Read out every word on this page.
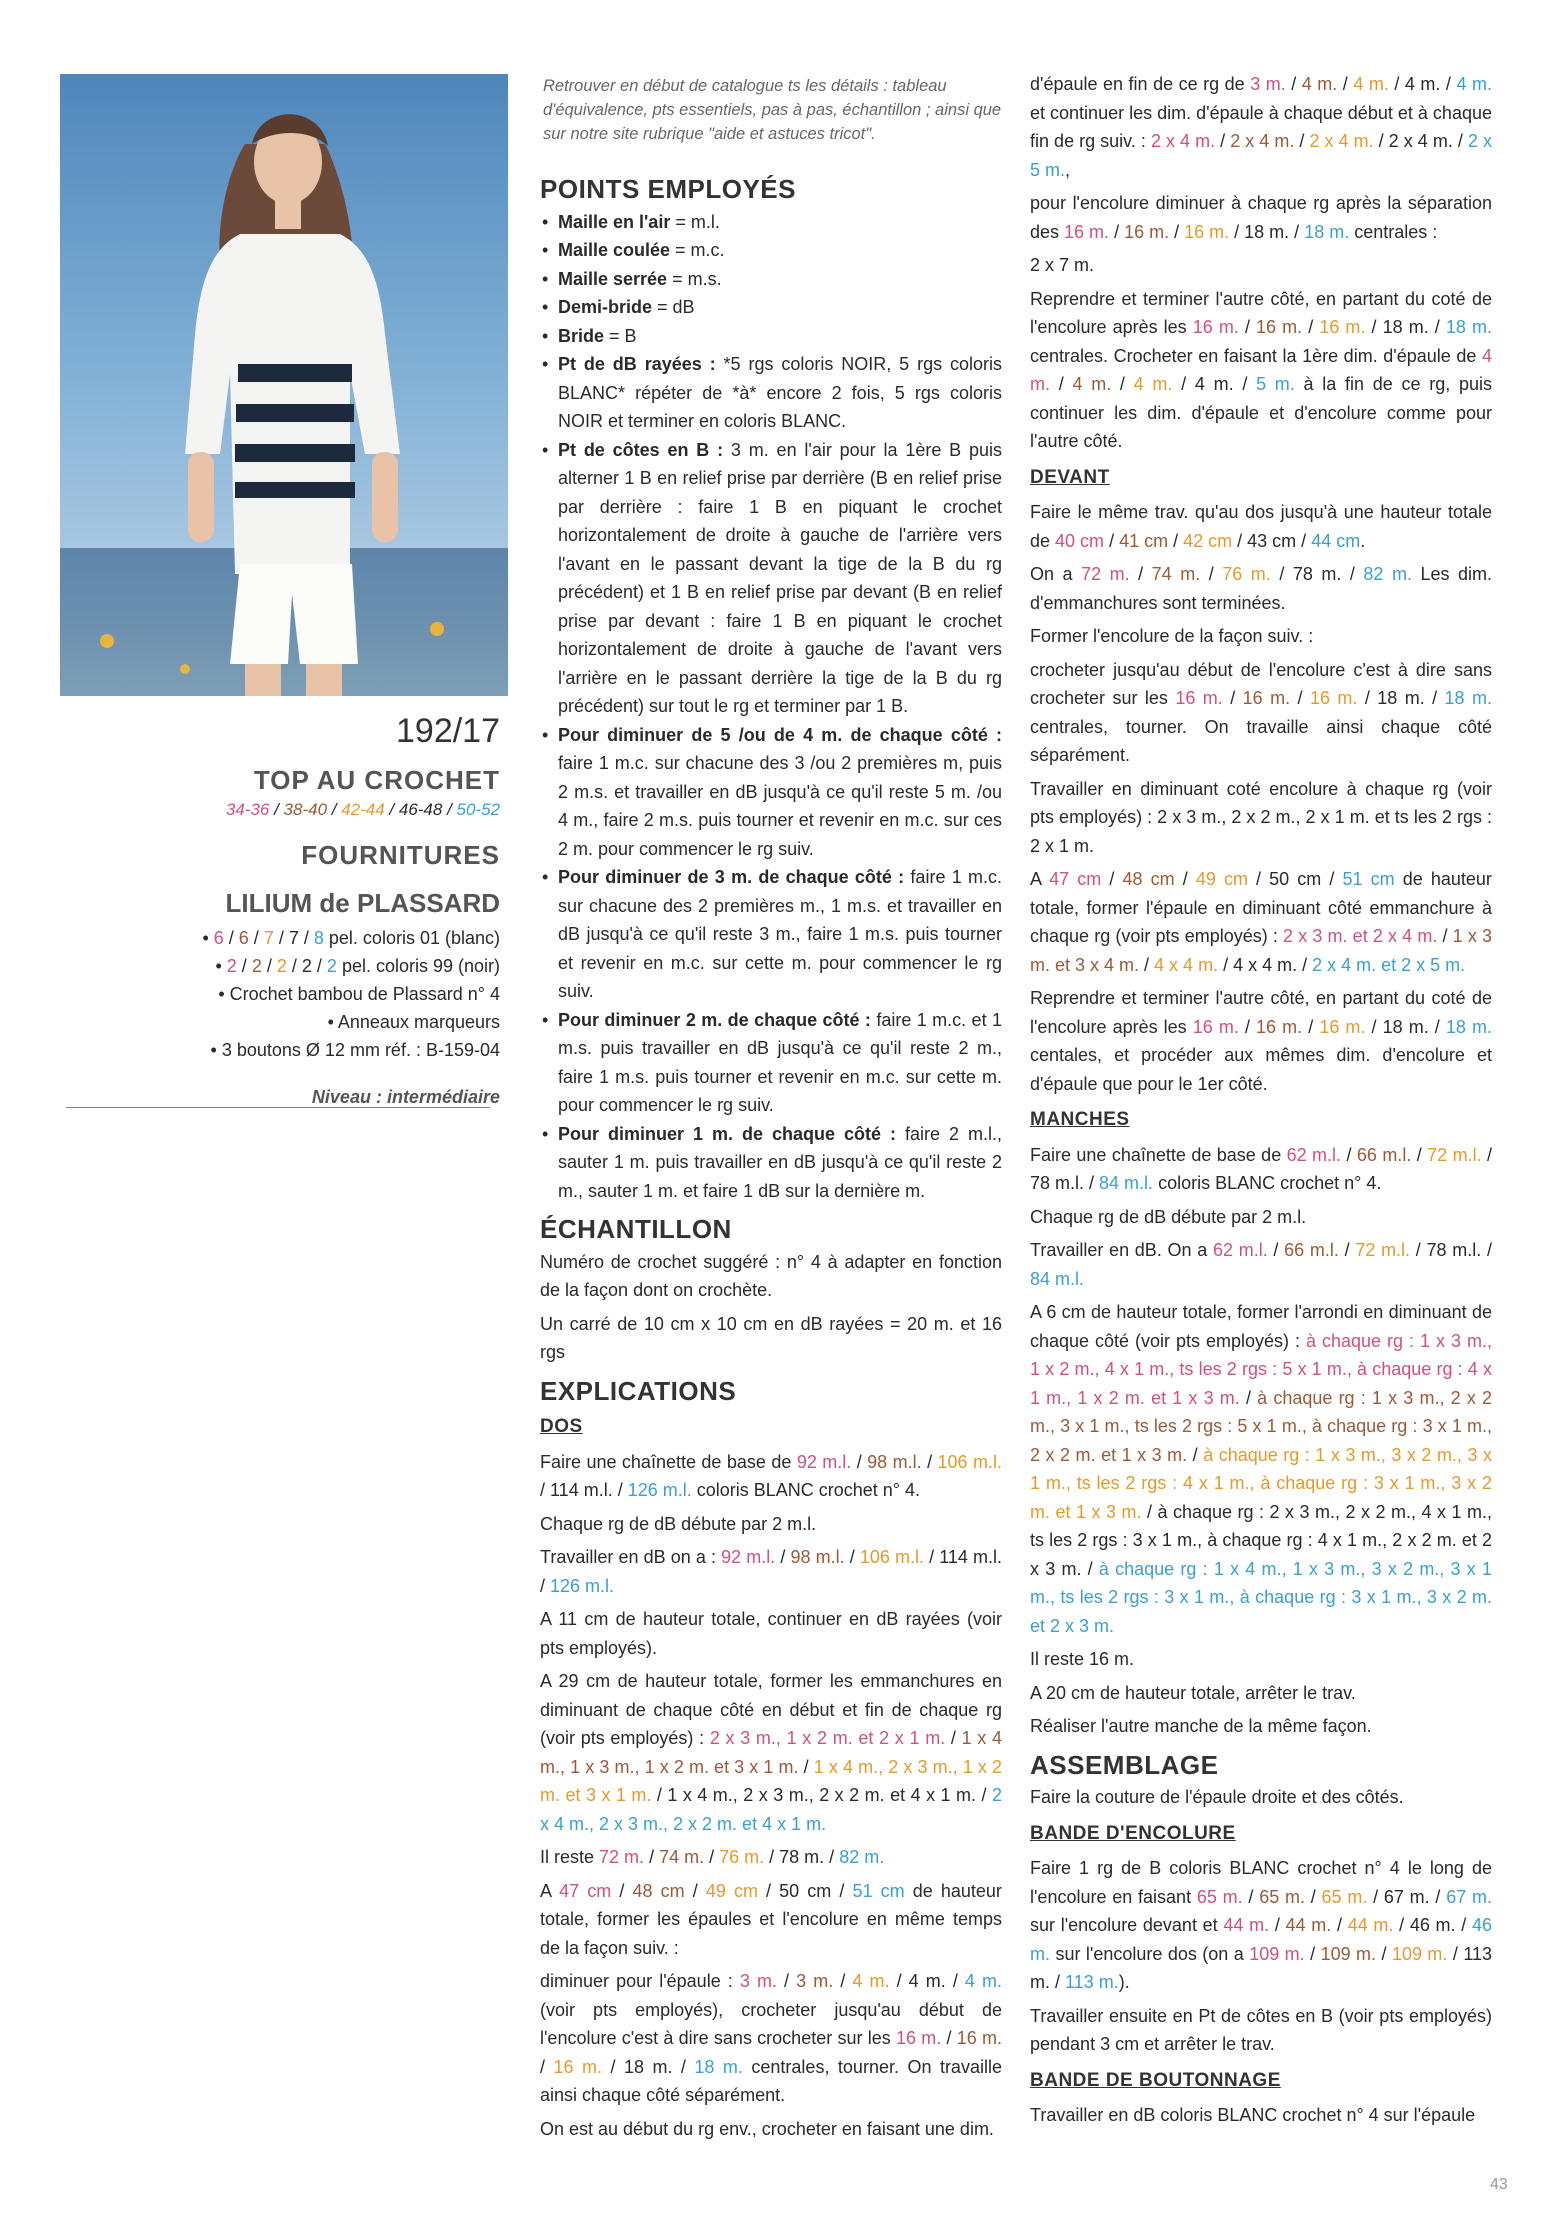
192/17
TOP AU CROCHET
34-36 / 38-40 / 42-44 / 46-48 / 50-52
FOURNITURES
LILIUM de PLASSARD
• 6 / 6 / 7 / 7 / 8 pel. coloris 01 (blanc)
• 2 / 2 / 2 / 2 / 2 pel. coloris 99 (noir)
• Crochet bambou de Plassard n° 4
• Anneaux marqueurs
• 3 boutons Ø 12 mm réf. : B-159-04
Niveau : intermédiaire
Retrouver en début de catalogue ts les détails : tableau d'équivalence, pts essentiels, pas à pas, échantillon ; ainsi que sur notre site rubrique "aide et astuces tricot".
POINTS EMPLOYÉS
• Maille en l'air = m.l.
• Maille coulée = m.c.
• Maille serrée = m.s.
• Demi-bride = dB
• Bride = B
• Pt de dB rayées : *5 rgs coloris NOIR, 5 rgs coloris BLANC* répéter de *à* encore 2 fois, 5 rgs coloris NOIR et terminer en coloris BLANC.
• Pt de côtes en B : 3 m. en l'air pour la 1ère B puis alterner 1 B en relief prise par derrière (B en relief prise par derrière : faire 1 B en piquant le crochet horizontalement de droite à gauche de l'arrière vers l'avant en le passant devant la tige de la B du rg précédent) et 1 B en relief prise par devant (B en relief prise par devant : faire 1 B en piquant le crochet horizontalement de droite à gauche de l'avant vers l'arrière en le passant derrière la tige de la B du rg précédent) sur tout le rg et terminer par 1 B.
• Pour diminuer de 5 /ou de 4 m. de chaque côté : faire 1 m.c. sur chacune des 3 /ou 2 premières m, puis 2 m.s. et travailler en dB jusqu'à ce qu'il reste 5 m. /ou 4 m., faire 2 m.s. puis tourner et revenir en m.c. sur ces 2 m. pour commencer le rg suiv.
• Pour diminuer de 3 m. de chaque côté : faire 1 m.c. sur chacune des 2 premières m., 1 m.s. et travailler en dB jusqu'à ce qu'il reste 3 m., faire 1 m.s. puis tourner et revenir en m.c. sur cette m. pour commencer le rg suiv.
• Pour diminuer 2 m. de chaque côté : faire 1 m.c. et 1 m.s. puis travailler en dB jusqu'à ce qu'il reste 2 m., faire 1 m.s. puis tourner et revenir en m.c. sur cette m. pour commencer le rg suiv.
• Pour diminuer 1 m. de chaque côté : faire 2 m.l., sauter 1 m. puis travailler en dB jusqu'à ce qu'il reste 2 m., sauter 1 m. et faire 1 dB sur la dernière m.
ÉCHANTILLON

Numéro de crochet suggéré : n° 4 à adapter en fonction de la façon dont on crochète.

Un carré de 10 cm x 10 cm en dB rayées = 20 m. et 16 rgs

EXPLICATIONS
DOS

Faire une chaînette de base de 92 m.l. / 98 m.l. / 106 m.l. / 114 m.l. / 126 m.l. coloris BLANC crochet n° 4.

Chaque rg de dB débute par 2 m.l.

Travailler en dB on a : 92 m.l. / 98 m.l. / 106 m.l. / 114 m.l. / 126 m.l.

A 11 cm de hauteur totale, continuer en dB rayées (voir pts employés).

A 29 cm de hauteur totale, former les emmanchures en diminuant de chaque côté en début et fin de chaque rg (voir pts employés) : 2 x 3 m., 1 x 2 m. et 2 x 1 m. / 1 x 4 m., 1 x 3 m., 1 x 2 m. et 3 x 1 m. / 1 x 4 m., 2 x 3 m., 1 x 2 m. et 3 x 1 m. / 1 x 4 m., 2 x 3 m., 2 x 2 m. et 4 x 1 m. / 2 x 4 m., 2 x 3 m., 2 x 2 m. et 4 x 1 m.

Il reste 72 m. / 74 m. / 76 m. / 78 m. / 82 m.

A 47 cm / 48 cm / 49 cm / 50 cm / 51 cm de hauteur totale, former les épaules et l'encolure en même temps de la façon suiv. :

diminuer pour l'épaule : 3 m. / 3 m. / 4 m. / 4 m. / 4 m. (voir pts employés), crocheter jusqu'au début de l'encolure c'est à dire sans crocheter sur les 16 m. / 16 m. / 16 m. / 18 m. / 18 m. centrales, tourner. On travaille ainsi chaque côté séparément.

On est au début du rg env., crocheter en faisant une dim.

d'épaule en fin de ce rg de 3 m. / 4 m. / 4 m. / 4 m. / 4 m. et continuer les dim. d'épaule à chaque début et à chaque fin de rg suiv. : 2 x 4 m. / 2 x 4 m. / 2 x 4 m. / 2 x 4 m. / 2 x 5 m.,

pour l'encolure diminuer à chaque rg après la séparation des 16 m. / 16 m. / 16 m. / 18 m. / 18 m. centrales :

2 x 7 m.

Reprendre et terminer l'autre côté, en partant du coté de l'encolure après les 16 m. / 16 m. / 16 m. / 18 m. / 18 m. centrales. Crocheter en faisant la 1ère dim. d'épaule de 4 m. / 4 m. / 4 m. / 4 m. / 5 m. à la fin de ce rg, puis continuer les dim. d'épaule et d'encolure comme pour l'autre côté.

DEVANT

Faire le même trav. qu'au dos jusqu'à une hauteur totale de 40 cm / 41 cm / 42 cm / 43 cm / 44 cm.

On a 72 m. / 74 m. / 76 m. / 78 m. / 82 m. Les dim. d'emmanchures sont terminées.

Former l'encolure de la façon suiv. :

crocheter jusqu'au début de l'encolure c'est à dire sans crocheter sur les 16 m. / 16 m. / 16 m. / 18 m. / 18 m. centrales, tourner. On travaille ainsi chaque côté séparément.

Travailler en diminuant coté encolure à chaque rg (voir pts employés) : 2 x 3 m., 2 x 2 m., 2 x 1 m. et ts les 2 rgs : 2 x 1 m.

A 47 cm / 48 cm / 49 cm / 50 cm / 51 cm de hauteur totale, former l'épaule en diminuant côté emmanchure à chaque rg (voir pts employés) : 2 x 3 m. et 2 x 4 m. / 1 x 3 m. et 3 x 4 m. / 4 x 4 m. / 4 x 4 m. / 2 x 4 m. et 2 x 5 m.

Reprendre et terminer l'autre côté, en partant du coté de l'encolure après les 16 m. / 16 m. / 16 m. / 18 m. / 18 m. centales, et procéder aux mêmes dim. d'encolure et d'épaule que pour le 1er côté.

MANCHES

Faire une chaînette de base de 62 m.l. / 66 m.l. / 72 m.l. / 78 m.l. / 84 m.l. coloris BLANC crochet n° 4.

Chaque rg de dB débute par 2 m.l.

Travailler en dB. On a 62 m.l. / 66 m.l. / 72 m.l. / 78 m.l. / 84 m.l.

A 6 cm de hauteur totale, former l'arrondi en diminuant de chaque côté (voir pts employés) : à chaque rg : 1 x 3 m., 1 x 2 m., 4 x 1 m., ts les 2 rgs : 5 x 1 m., à chaque rg : 4 x 1 m., 1 x 2 m. et 1 x 3 m. / à chaque rg : 1 x 3 m., 2 x 2 m., 3 x 1 m., ts les 2 rgs : 5 x 1 m., à chaque rg : 3 x 1 m., 2 x 2 m. et 1 x 3 m. / à chaque rg : 1 x 3 m., 3 x 2 m., 3 x 1 m., ts les 2 rgs : 4 x 1 m., à chaque rg : 3 x 1 m., 3 x 2 m. et 1 x 3 m. / à chaque rg : 2 x 3 m., 2 x 2 m., 4 x 1 m., ts les 2 rgs : 3 x 1 m., à chaque rg : 4 x 1 m., 2 x 2 m. et 2 x 3 m. / à chaque rg : 1 x 4 m., 1 x 3 m., 3 x 2 m., 3 x 1 m., ts les 2 rgs : 3 x 1 m., à chaque rg : 3 x 1 m., 3 x 2 m. et 2 x 3 m.

Il reste 16 m.

A 20 cm de hauteur totale, arrêter le trav.

Réaliser l'autre manche de la même façon.

ASSEMBLAGE

Faire la couture de l'épaule droite et des côtés.

BANDE D'ENCOLURE

Faire 1 rg de B coloris BLANC crochet n° 4 le long de l'encolure en faisant 65 m. / 65 m. / 65 m. / 67 m. / 67 m. sur l'encolure devant et 44 m. / 44 m. / 44 m. / 46 m. / 46 m. sur l'encolure dos (on a 109 m. / 109 m. / 109 m. / 113 m. / 113 m.).

Travailler ensuite en Pt de côtes en B (voir pts employés) pendant 3 cm et arrêter le trav.

BANDE DE BOUTONNAGE

Travailler en dB coloris BLANC crochet n° 4 sur l'épaule

43
